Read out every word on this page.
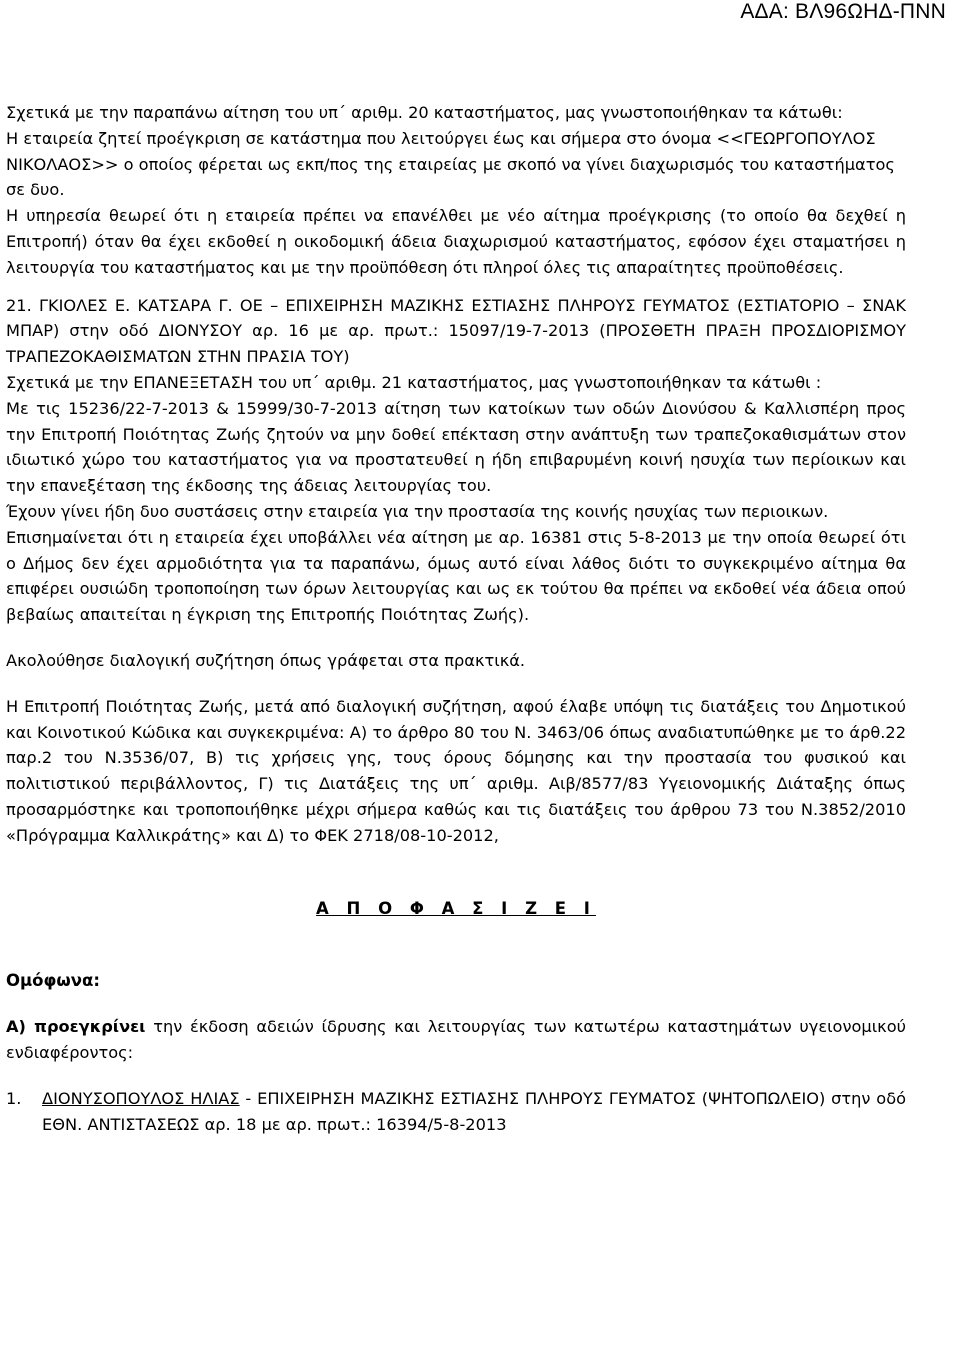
ΑΔΑ: ΒΛ96ΩΗΔ-ΠΝΝ

Σχετικά με την παραπάνω αίτηση του υπ΄ αριθμ. 20 καταστήματος, μας γνωστοποιήθηκαν τα κάτωθι:

Η εταιρεία ζητεί προέγκριση σε κατάστημα που λειτούργει έως και σήμερα στο όνομα <<ΓΕΩΡΓΟΠΟΥΛΟΣ ΝΙΚΟΛΑΟΣ>> ο οποίος φέρεται ως εκπ/πος της εταιρείας με σκοπό να γίνει διαχωρισμός του καταστήματος σε δυο.

Η υπηρεσία θεωρεί ότι η εταιρεία πρέπει να επανέλθει με νέο αίτημα προέγκρισης (το οποίο θα δεχθεί η Επιτροπή) όταν θα έχει εκδοθεί η οικοδομική άδεια διαχωρισμού καταστήματος, εφόσον έχει σταματήσει η λειτουργία του καταστήματος και με την προϋπόθεση ότι πληροί όλες τις απαραίτητες προϋποθέσεις.

21. ΓΚΙΟΛΕΣ Ε. ΚΑΤΣΑΡΑ Γ. ΟΕ – ΕΠΙΧΕΙΡΗΣΗ ΜΑΖΙΚΗΣ ΕΣΤΙΑΣΗΣ ΠΛΗΡΟΥΣ ΓΕΥΜΑΤΟΣ (ΕΣΤΙΑΤΟΡΙΟ – ΣΝΑΚ ΜΠΑΡ) στην οδό ΔΙΟΝΥΣΟΥ αρ. 16 με αρ. πρωτ.: 15097/19-7-2013 (ΠΡΟΣΘΕΤΗ ΠΡΑΞΗ ΠΡΟΣΔΙΟΡΙΣΜΟΥ ΤΡΑΠΕΖΟΚΑΘΙΣΜΑΤΩΝ ΣΤΗΝ ΠΡΑΣΙΑ ΤΟΥ)

Σχετικά με την ΕΠΑΝΕΞΕΤΑΣΗ του υπ΄ αριθμ. 21 καταστήματος, μας γνωστοποιήθηκαν τα κάτωθι :

Με τις 15236/22-7-2013 & 15999/30-7-2013 αίτηση των κατοίκων των οδών Διονύσου & Καλλισπέρη προς την Επιτροπή Ποιότητας Ζωής ζητούν να μην δοθεί επέκταση στην ανάπτυξη των τραπεζοκαθισμάτων στον ιδιωτικό χώρο του καταστήματος για να προστατευθεί η ήδη επιβαρυμένη κοινή ησυχία των περίοικων και την επανεξέταση της έκδοσης της άδειας λειτουργίας του.

Έχουν γίνει ήδη δυο συστάσεις στην εταιρεία για την προστασία της κοινής ησυχίας των περιοικων.

Επισημαίνεται ότι η εταιρεία έχει υποβάλλει νέα αίτηση με αρ. 16381 στις 5-8-2013 με την οποία θεωρεί ότι ο Δήμος δεν έχει αρμοδιότητα για τα παραπάνω, όμως αυτό είναι λάθος διότι το συγκεκριμένο αίτημα θα επιφέρει ουσιώδη τροποποίηση των όρων λειτουργίας και ως εκ τούτου θα πρέπει να εκδοθεί νέα άδεια οπού βεβαίως απαιτείται η έγκριση της Επιτροπής Ποιότητας Ζωής).

Ακολούθησε διαλογική συζήτηση όπως γράφεται στα πρακτικά.

Η Επιτροπή Ποιότητας Ζωής, μετά από διαλογική συζήτηση, αφού έλαβε υπόψη τις διατάξεις του Δημοτικού και Κοινοτικού Κώδικα και συγκεκριμένα: Α) το άρθρο 80 του Ν. 3463/06 όπως αναδιατυπώθηκε με το άρθ.22 παρ.2 του Ν.3536/07, Β) τις χρήσεις γης, τους όρους δόμησης και την προστασία του φυσικού και πολιτιστικού περιβάλλοντος, Γ) τις Διατάξεις της υπ΄ αριθμ. Αιβ/8577/83 Υγειονομικής Διάταξης όπως προσαρμόστηκε και τροποποιήθηκε μέχρι σήμερα καθώς και τις διατάξεις του άρθρου 73 του Ν.3852/2010 «Πρόγραμμα Καλλικράτης» και Δ) το ΦΕΚ 2718/08-10-2012,

Α Π Ο Φ Α Σ Ι Ζ Ε Ι

Ομόφωνα:

Α) προεγκρίνει την έκδοση αδειών ίδρυσης και λειτουργίας των κατωτέρω καταστημάτων υγειονομικού ενδιαφέροντος:

1.	ΔΙΟΝΥΣΟΠΟΥΛΟΣ ΗΛΙΑΣ - ΕΠΙΧΕΙΡΗΣΗ ΜΑΖΙΚΗΣ ΕΣΤΙΑΣΗΣ ΠΛΗΡΟΥΣ ΓΕΥΜΑΤΟΣ (ΨΗΤΟΠΩΛΕΙΟ) στην οδό ΕΘΝ. ΑΝΤΙΣΤΑΣΕΩΣ αρ. 18 με αρ. πρωτ.: 16394/5-8-2013
